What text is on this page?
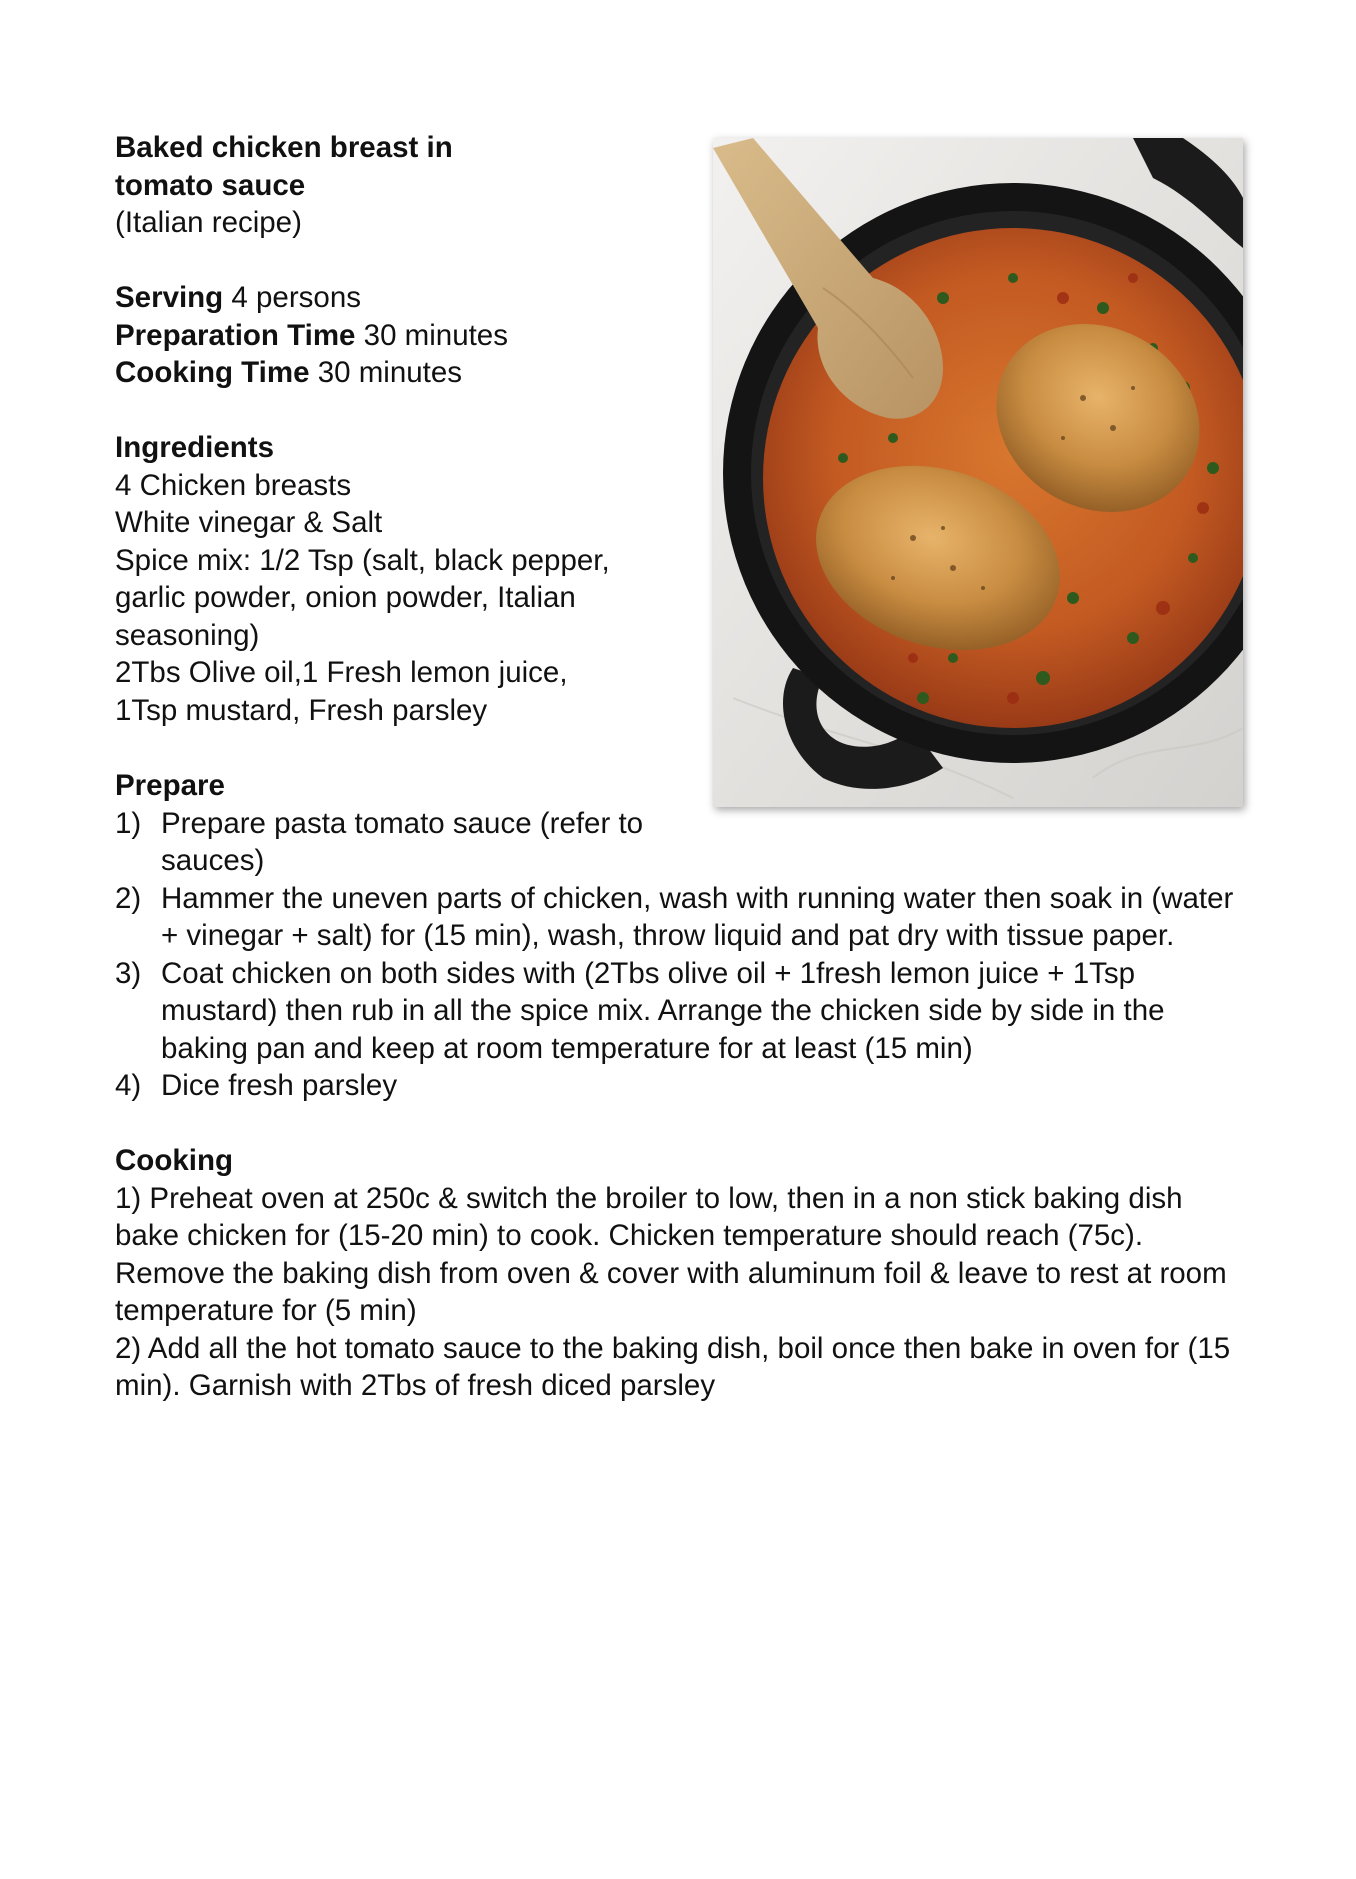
Baked chicken breast in

tomato sauce

(Italian recipe)

Serving 4 persons

Preparation Time 30 minutes

Cooking Time 30 minutes

Ingredients

4 Chicken breasts

White vinegar & Salt

Spice mix: 1/2 Tsp (salt, black pepper,

garlic powder, onion powder, Italian

seasoning)

2Tbs Olive oil,1 Fresh lemon juice,

1Tsp mustard, Fresh parsley

Prepare

1) Prepare pasta tomato sauce (refer to sauces)
2) Hammer the uneven parts of chicken, wash with running water then soak in (water + vinegar + salt) for (15 min), wash, throw liquid and pat dry with tissue paper.
3) Coat chicken on both sides with (2Tbs olive oil + 1fresh lemon juice + 1Tsp mustard) then rub in all the spice mix. Arrange the chicken side by side in the baking pan and keep at room temperature for at least (15 min)
4) Dice fresh parsley

Cooking

1) Preheat oven at 250c & switch the broiler to low, then in a non stick baking dish bake chicken for (15-20 min) to cook. Chicken temperature should reach (75c). Remove the baking dish from oven & cover with aluminum foil & leave to rest at room temperature for (5 min)

2) Add all the hot tomato sauce to the baking dish, boil once then bake in oven for (15 min). Garnish with 2Tbs of fresh diced parsley
